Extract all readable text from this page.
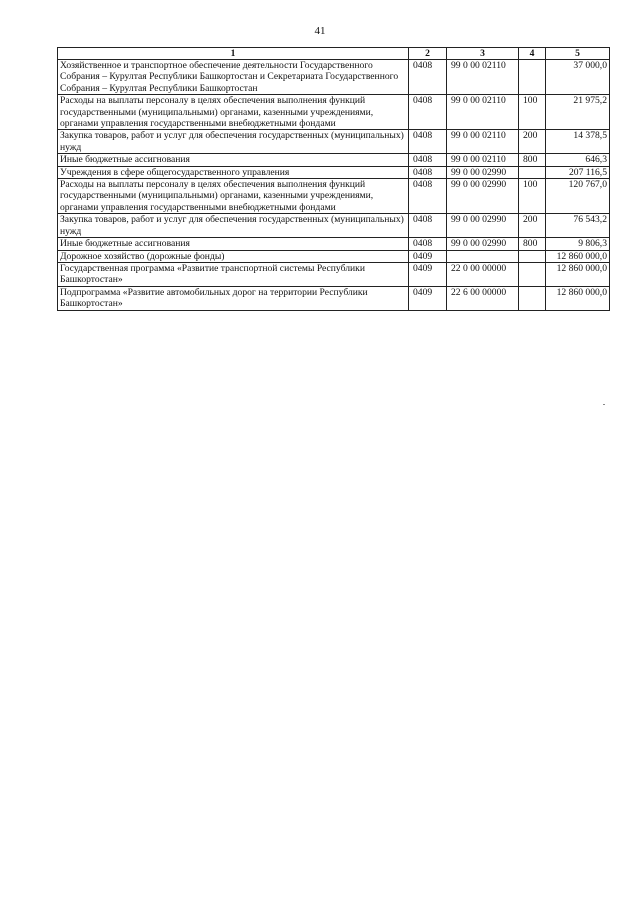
41
1	2	3	4	5
Хозяйственное и транспортное обеспечение деятельности Государственного Собрания – Курултая Республики Башкортостан и Секретариата Государственного Собрания – Курултая Республики Башкортостан	0408	99 0 00 02110		37 000,0
Расходы на выплаты персоналу в целях обеспечения выполнения функций государственными (муниципальными) органами, казенными учреждениями, органами управления государственными внебюджетными фондами	0408	99 0 00 02110	100	21 975,2
Закупка товаров, работ и услуг для обеспечения государственных (муниципальных) нужд	0408	99 0 00 02110	200	14 378,5
Иные бюджетные ассигнования	0408	99 0 00 02110	800	646,3
Учреждения в сфере общегосударственного управления	0408	99 0 00 02990		207 116,5
Расходы на выплаты персоналу в целях обеспечения выполнения функций государственными (муниципальными) органами, казенными учреждениями, органами управления государственными внебюджетными фондами	0408	99 0 00 02990	100	120 767,0
Закупка товаров, работ и услуг для обеспечения государственных (муниципальных) нужд	0408	99 0 00 02990	200	76 543,2
Иные бюджетные ассигнования	0408	99 0 00 02990	800	9 806,3
Дорожное хозяйство (дорожные фонды)	0409			12 860 000,0
Государственная программа «Развитие транспортной системы Республики Башкортостан»	0409	22 0 00 00000		12 860 000,0
Подпрограмма «Развитие автомобильных дорог на территории Республики Башкортостан»	0409	22 6 00 00000		12 860 000,0
